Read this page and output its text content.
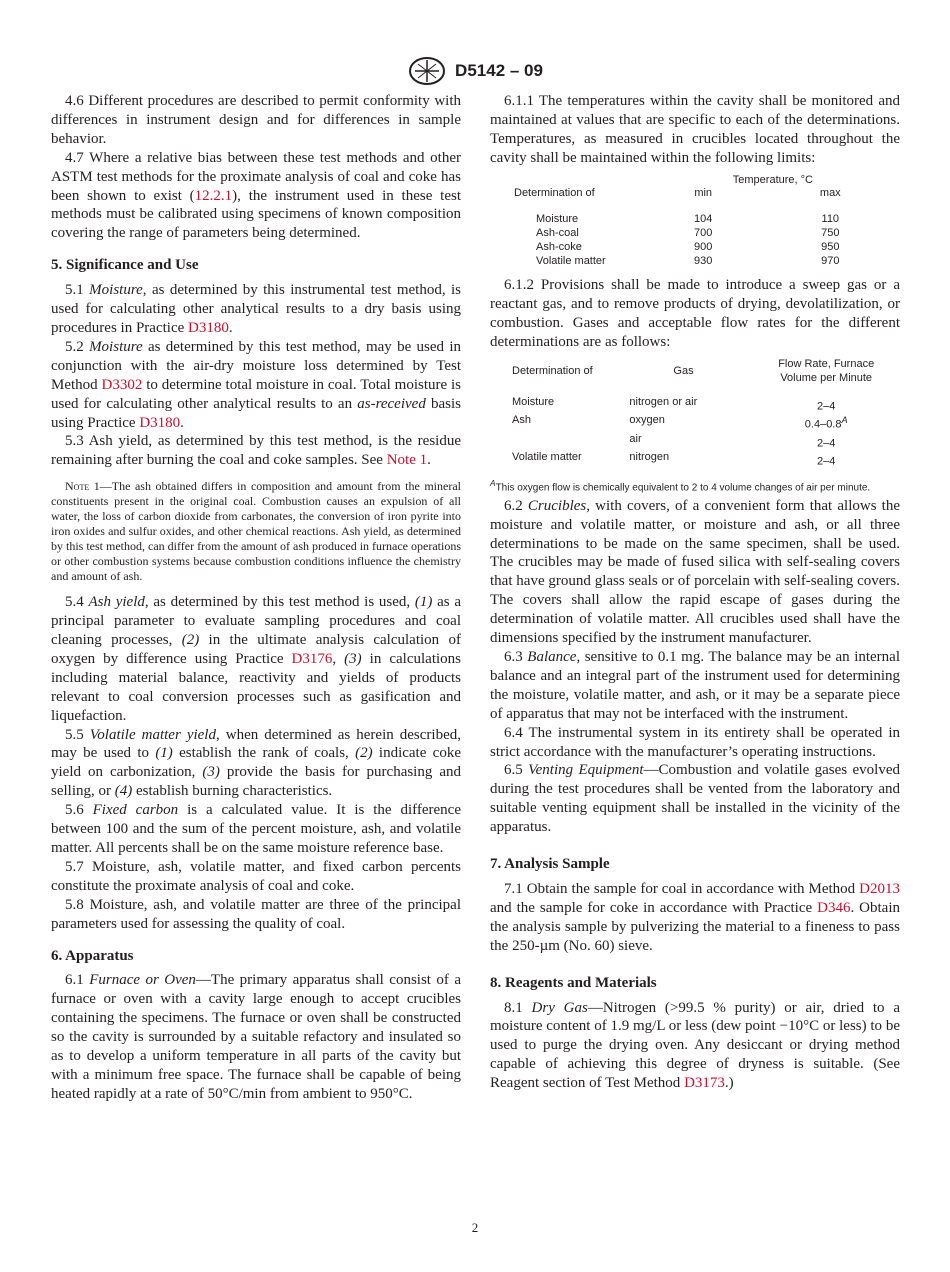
D5142 – 09

4.6 Different procedures are described to permit conformity with differences in instrument design and for differences in sample behavior.

4.7 Where a relative bias between these test methods and other ASTM test methods for the proximate analysis of coal and coke has been shown to exist (12.2.1), the instrument used in these test methods must be calibrated using specimens of known composition covering the range of parameters being determined.

5. Significance and Use

5.1 Moisture, as determined by this instrumental test method, is used for calculating other analytical results to a dry basis using procedures in Practice D3180.

5.2 Moisture as determined by this test method, may be used in conjunction with the air-dry moisture loss determined by Test Method D3302 to determine total moisture in coal. Total moisture is used for calculating other analytical results to an as-received basis using Practice D3180.

5.3 Ash yield, as determined by this test method, is the residue remaining after burning the coal and coke samples. See Note 1.

Note 1—The ash obtained differs in composition and amount from the mineral constituents present in the original coal. Combustion causes an expulsion of all water, the loss of carbon dioxide from carbonates, the conversion of iron pyrite into iron oxides and sulfur oxides, and other chemical reactions. Ash yield, as determined by this test method, can differ from the amount of ash produced in furnace operations or other combustion systems because combustion conditions influence the chemistry and amount of ash.

5.4 Ash yield, as determined by this test method is used, (1) as a principal parameter to evaluate sampling procedures and coal cleaning processes, (2) in the ultimate analysis calculation of oxygen by difference using Practice D3176, (3) in calculations including material balance, reactivity and yields of products relevant to coal conversion processes such as gasification and liquefaction.

5.5 Volatile matter yield, when determined as herein described, may be used to (1) establish the rank of coals, (2) indicate coke yield on carbonization, (3) provide the basis for purchasing and selling, or (4) establish burning characteristics.

5.6 Fixed carbon is a calculated value. It is the difference between 100 and the sum of the percent moisture, ash, and volatile matter. All percents shall be on the same moisture reference base.

5.7 Moisture, ash, volatile matter, and fixed carbon percents constitute the proximate analysis of coal and coke.

5.8 Moisture, ash, and volatile matter are three of the principal parameters used for assessing the quality of coal.

6. Apparatus

6.1 Furnace or Oven—The primary apparatus shall consist of a furnace or oven with a cavity large enough to accept crucibles containing the specimens. The furnace or oven shall be constructed so the cavity is surrounded by a suitable refactory and insulated so as to develop a uniform temperature in all parts of the cavity but with a minimum free space. The furnace shall be capable of being heated rapidly at a rate of 50°C/min from ambient to 950°C.

6.1.1 The temperatures within the cavity shall be monitored and maintained at values that are specific to each of the determinations. Temperatures, as measured in crucibles located throughout the cavity shall be maintained within the following limits:

	Temperature, °C	
Determination of	min	max

Moisture	104	110
Ash-coal	700	750
Ash-coke	900	950
Volatile matter	930	970

6.1.2 Provisions shall be made to introduce a sweep gas or a reactant gas, and to remove products of drying, devolatilization, or combustion. Gases and acceptable flow rates for the different determinations are as follows:

Determination of	Gas	Flow Rate, Furnace
Volume per Minute

Moisture	nitrogen or air	2–4
Ash	oxygen	$0.4-0.8^A$
	air	2–4
Volatile matter	nitrogen	2–4

$^A$This oxygen flow is chemically equivalent to 2 to 4 volume changes of air per minute.

6.2 Crucibles, with covers, of a convenient form that allows the moisture and volatile matter, or moisture and ash, or all three determinations to be made on the same specimen, shall be used. The crucibles may be made of fused silica with self-sealing covers that have ground glass seals or of porcelain with self-sealing covers. The covers shall allow the rapid escape of gases during the determination of volatile matter. All crucibles used shall have the dimensions specified by the instrument manufacturer.

6.3 Balance, sensitive to 0.1 mg. The balance may be an internal balance and an integral part of the instrument used for determining the moisture, volatile matter, and ash, or it may be a separate piece of apparatus that may not be interfaced with the instrument.

6.4 The instrumental system in its entirety shall be operated in strict accordance with the manufacturer’s operating instructions.

6.5 Venting Equipment—Combustion and volatile gases evolved during the test procedures shall be vented from the laboratory and suitable venting equipment shall be installed in the vicinity of the apparatus.

7. Analysis Sample

7.1 Obtain the sample for coal in accordance with Method D2013 and the sample for coke in accordance with Practice D346. Obtain the analysis sample by pulverizing the material to a fineness to pass the 250-µm (No. 60) sieve.

8. Reagents and Materials

8.1 Dry Gas—Nitrogen (>99.5 % purity) or air, dried to a moisture content of 1.9 mg/L or less (dew point −10°C or less) to be used to purge the drying oven. Any desiccant or drying method capable of achieving this degree of dryness is suitable. (See Reagent section of Test Method D3173.)

2
